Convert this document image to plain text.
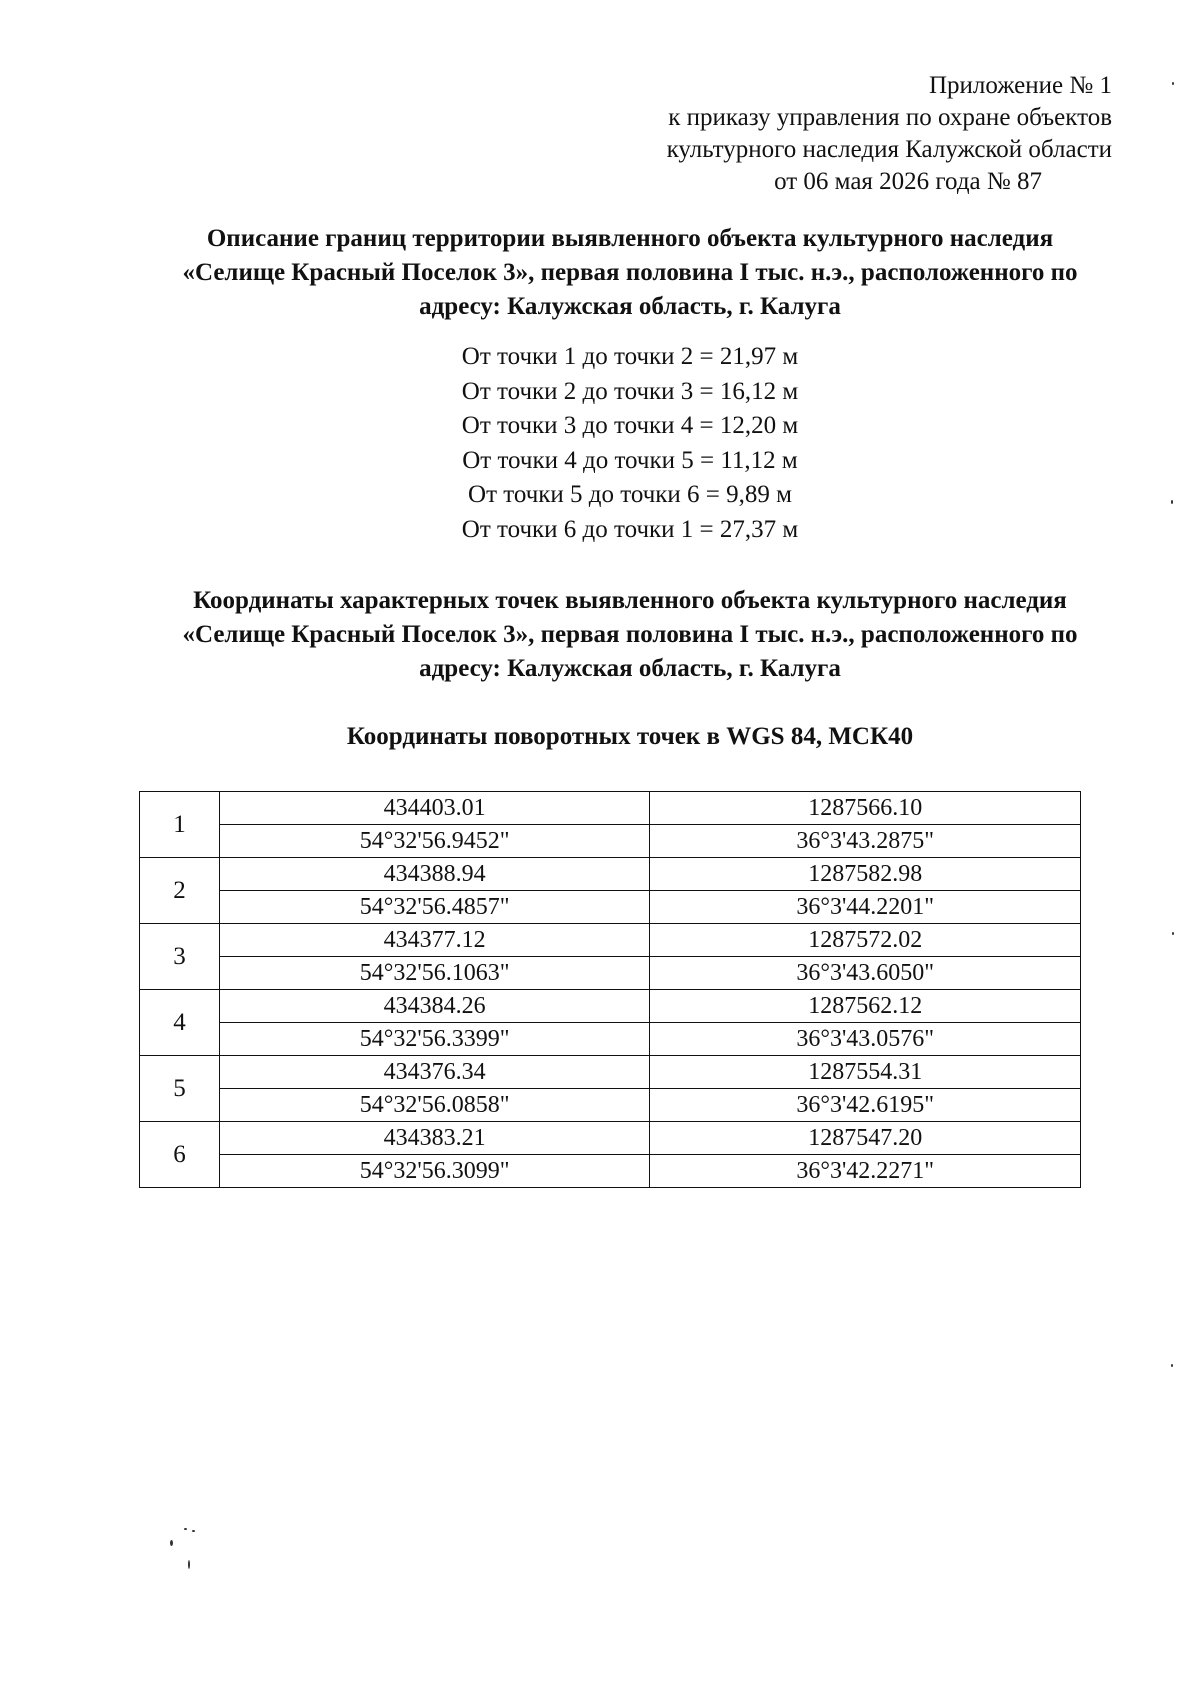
Приложение № 1
к приказу управления по охране объектов
культурного наследия Калужской области
от 06 мая 2026 года № 87
Описание границ территории выявленного объекта культурного наследия
«Селище Красный Поселок 3», первая половина I тыс. н.э., расположенного по
адресу: Калужская область, г. Калуга
От точки 1 до точки 2 = 21,97 м
От точки 2 до точки 3 = 16,12 м
От точки 3 до точки 4 = 12,20 м
От точки 4 до точки 5 = 11,12 м
От точки 5 до точки 6 = 9,89 м
От точки 6 до точки 1 = 27,37 м
Координаты характерных точек выявленного объекта культурного наследия
«Селище Красный Поселок 3», первая половина I тыс. н.э., расположенного по
адресу: Калужская область, г. Калуга
Координаты поворотных точек в WGS 84, МСК40
1	434403.01	1287566.10
	54°32'56.9452"	36°3'43.2875"
2	434388.94	1287582.98
	54°32'56.4857"	36°3'44.2201"
3	434377.12	1287572.02
	54°32'56.1063"	36°3'43.6050"
4	434384.26	1287562.12
	54°32'56.3399"	36°3'43.0576"
5	434376.34	1287554.31
	54°32'56.0858"	36°3'42.6195"
6	434383.21	1287547.20
	54°32'56.3099"	36°3'42.2271"
